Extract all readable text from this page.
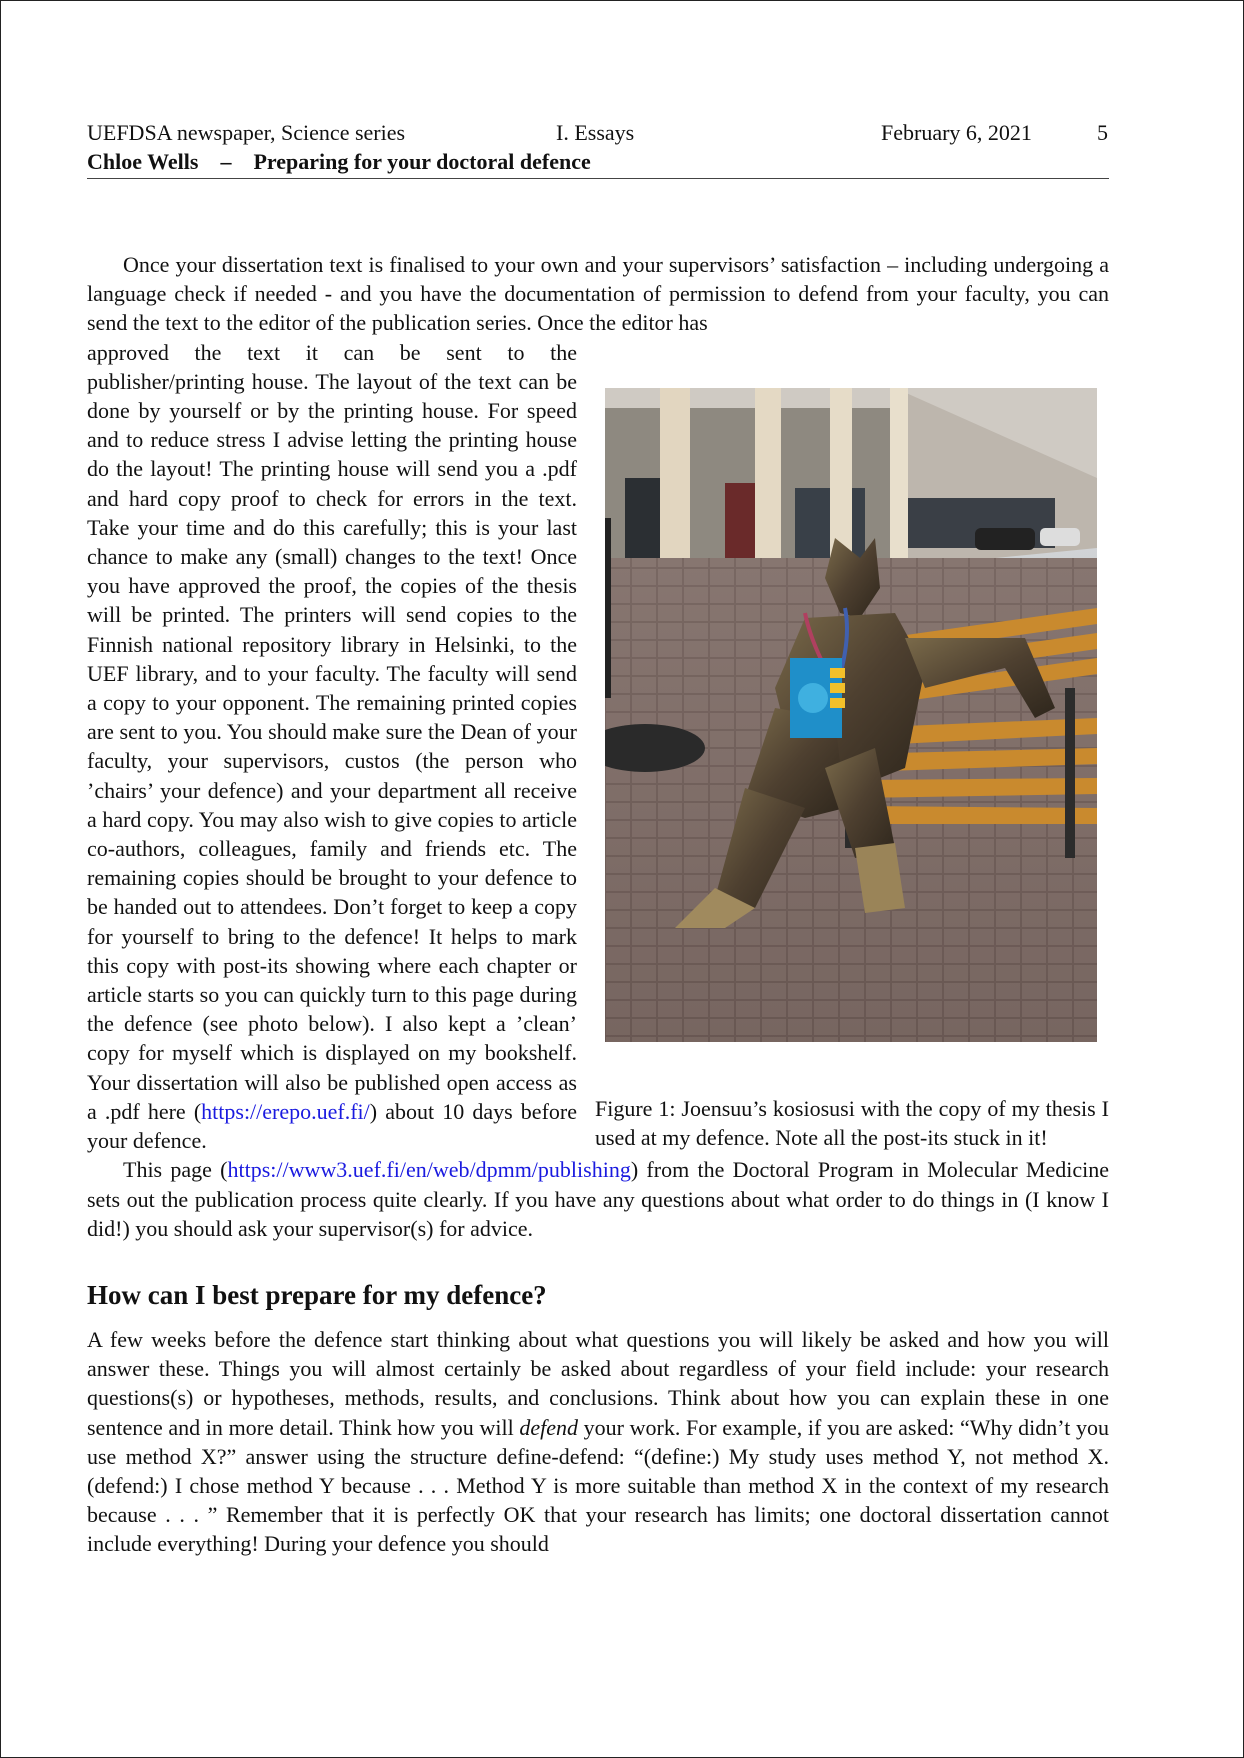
UEFDSA newspaper, Science series	I. Essays	February 6, 2021	5
Chloe Wells – Preparing for your doctoral defence

Once your dissertation text is finalised to your own and your supervisors’ satisfaction – including undergoing a language check if needed - and you have the documentation of permission to defend from your faculty, you can send the text to the editor of the publication series. Once the editor has

Figure 1: Joensuu’s kosiosusi with the copy of my thesis I used at my defence. Note all the post-its stuck in it!

approved the text it can be sent to the publisher/printing house. The layout of the text can be done by yourself or by the printing house. For speed and to reduce stress I advise letting the printing house do the layout! The printing house will send you a .pdf and hard copy proof to check for errors in the text. Take your time and do this carefully; this is your last chance to make any (small) changes to the text! Once you have approved the proof, the copies of the thesis will be printed. The printers will send copies to the Finnish national repository library in Helsinki, to the UEF library, and to your faculty. The faculty will send a copy to your opponent. The remaining printed copies are sent to you. You should make sure the Dean of your faculty, your supervisors, custos (the person who ’chairs’ your defence) and your department all receive a hard copy. You may also wish to give copies to article co-authors, colleagues, family and friends etc. The remaining copies should be brought to your defence to be handed out to attendees. Don’t forget to keep a copy for yourself to bring to the defence! It helps to mark this copy with post-its showing where each chapter or article starts so you can quickly turn to this page during the defence (see photo below). I also kept a ’clean’ copy for myself which is displayed on my bookshelf. Your dissertation will also be published open access as a .pdf here (https://erepo.uef.fi/) about 10 days before your defence.

This page (https://www3.uef.fi/en/web/dpmm/publishing) from the Doctoral Program in Molecular Medicine sets out the publication process quite clearly. If you have any questions about what order to do things in (I know I did!) you should ask your supervisor(s) for advice.

How can I best prepare for my defence?

A few weeks before the defence start thinking about what questions you will likely be asked and how you will answer these. Things you will almost certainly be asked about regardless of your field include: your research questions(s) or hypotheses, methods, results, and conclusions. Think about how you can explain these in one sentence and in more detail. Think how you will defend your work. For example, if you are asked: “Why didn’t you use method X?” answer using the structure define-defend: “(define:) My study uses method Y, not method X. (defend:) I chose method Y because . . . Method Y is more suitable than method X in the context of my research because . . . ” Remember that it is perfectly OK that your research has limits; one doctoral dissertation cannot include everything! During your defence you should
